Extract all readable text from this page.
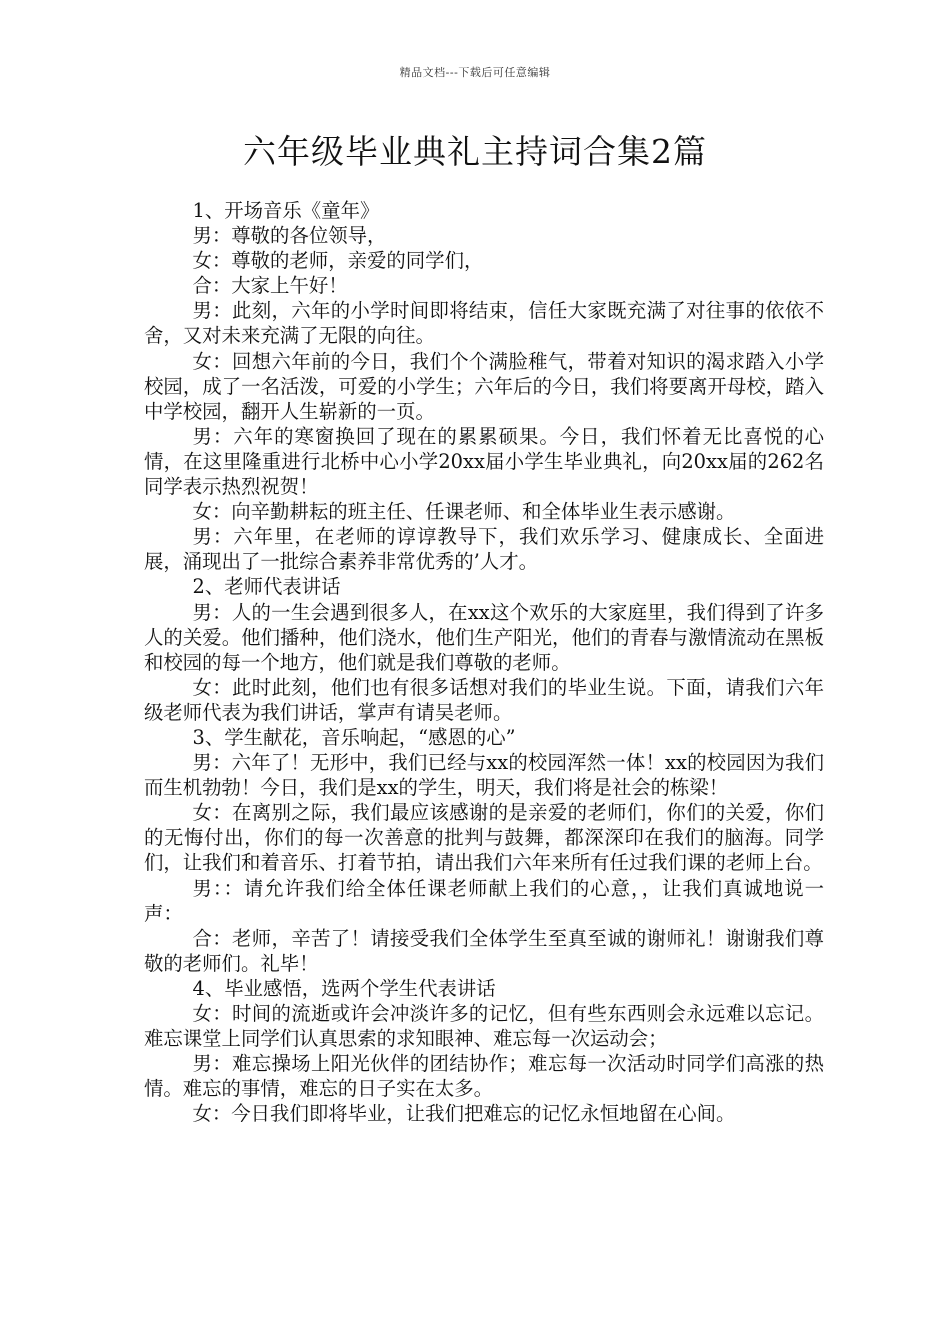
精品文档---下载后可任意编辑
六年级毕业典礼主持词合集2篇

1、开场音乐《童年》

男：尊敬的各位领导，

女：尊敬的老师，亲爱的同学们，

合：大家上午好！

男：此刻，六年的小学时间即将结束，信任大家既充满了对往事的依依不舍，又对未来充满了无限的向往。

女：回想六年前的今日，我们个个满脸稚气，带着对知识的渴求踏入小学校园，成了一名活泼，可爱的小学生；六年后的今日，我们将要离开母校，踏入中学校园，翻开人生崭新的一页。

男：六年的寒窗换回了现在的累累硕果。今日，我们怀着无比喜悦的心情，在这里隆重进行北桥中心小学20xx届小学生毕业典礼，向20xx届的262名同学表示热烈祝贺！

女：向辛勤耕耘的班主任、任课老师、和全体毕业生表示感谢。

男：六年里，在老师的谆谆教导下，我们欢乐学习、健康成长、全面进展，涌现出了一批综合素养非常优秀的’人才。

2、老师代表讲话

男：人的一生会遇到很多人，在xx这个欢乐的大家庭里，我们得到了许多人的关爱。他们播种，他们浇水，他们生产阳光，他们的青春与激情流动在黑板和校园的每一个地方，他们就是我们尊敬的老师。

女：此时此刻，他们也有很多话想对我们的毕业生说。下面，请我们六年级老师代表为我们讲话，掌声有请吴老师。

3、学生献花，音乐响起，“感恩的心”

男：六年了！无形中，我们已经与xx的校园浑然一体！xx的校园因为我们而生机勃勃！今日，我们是xx的学生，明天，我们将是社会的栋梁！

女：在离别之际，我们最应该感谢的是亲爱的老师们，你们的关爱，你们的无悔付出，你们的每一次善意的批判与鼓舞，都深深印在我们的脑海。同学们，让我们和着音乐、打着节拍，请出我们六年来所有任过我们课的老师上台。

男：：请允许我们给全体任课老师献上我们的心意，，让我们真诚地说一声：

合：老师，辛苦了！请接受我们全体学生至真至诚的谢师礼！谢谢我们尊敬的老师们。礼毕！

4、毕业感悟，选两个学生代表讲话

女：时间的流逝或许会冲淡许多的记忆，但有些东西则会永远难以忘记。难忘课堂上同学们认真思索的求知眼神、难忘每一次运动会；

男：难忘操场上阳光伙伴的团结协作；难忘每一次活动时同学们高涨的热情。难忘的事情，难忘的日子实在太多。

女：今日我们即将毕业，让我们把难忘的记忆永恒地留在心间。
